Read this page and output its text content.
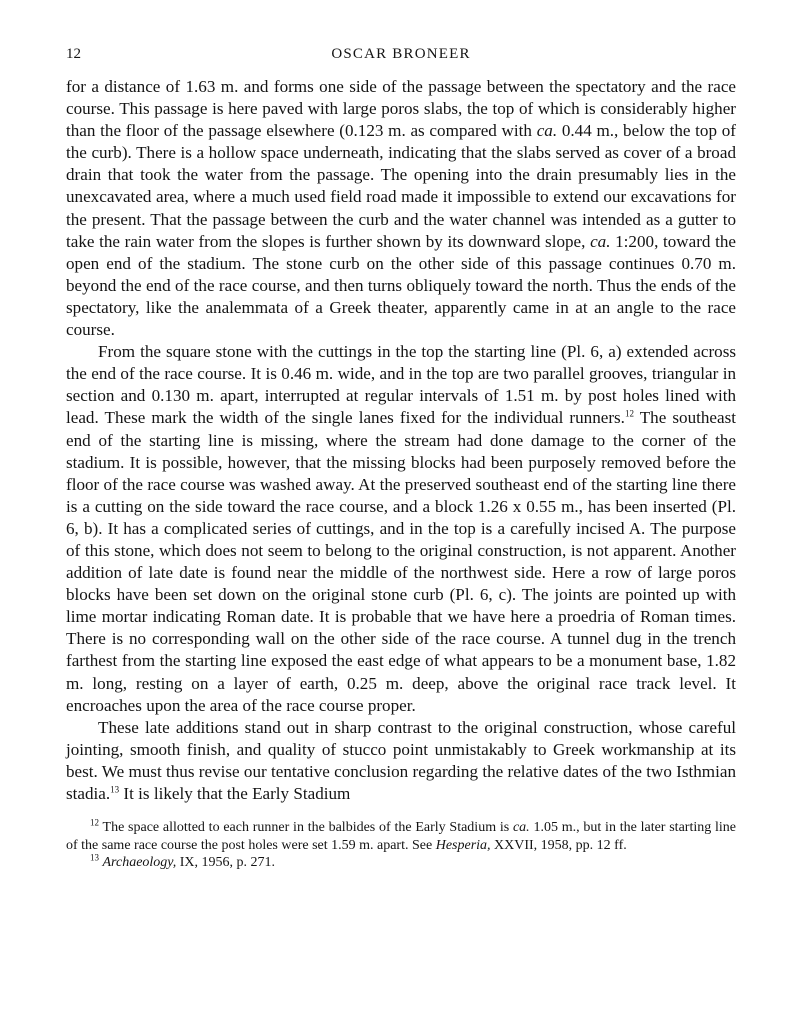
12	OSCAR BRONEER

for a distance of 1.63 m. and forms one side of the passage between the spectatory and the race course. This passage is here paved with large poros slabs, the top of which is considerably higher than the floor of the passage elsewhere (0.123 m. as compared with ca. 0.44 m., below the top of the curb). There is a hollow space underneath, indicating that the slabs served as cover of a broad drain that took the water from the passage. The opening into the drain presumably lies in the unexcavated area, where a much used field road made it impossible to extend our excavations for the present. That the passage between the curb and the water channel was intended as a gutter to take the rain water from the slopes is further shown by its downward slope, ca. 1:200, toward the open end of the stadium. The stone curb on the other side of this passage continues 0.70 m. beyond the end of the race course, and then turns obliquely toward the north. Thus the ends of the spectatory, like the analemmata of a Greek theater, apparently came in at an angle to the race course.

From the square stone with the cuttings in the top the starting line (Pl. 6, a) extended across the end of the race course. It is 0.46 m. wide, and in the top are two parallel grooves, triangular in section and 0.130 m. apart, interrupted at regular intervals of 1.51 m. by post holes lined with lead. These mark the width of the single lanes fixed for the individual runners.$^{12}$ The southeast end of the starting line is missing, where the stream had done damage to the corner of the stadium. It is possible, however, that the missing blocks had been purposely removed before the floor of the race course was washed away. At the preserved southeast end of the starting line there is a cutting on the side toward the race course, and a block 1.26 x 0.55 m., has been inserted (Pl. 6, b). It has a complicated series of cuttings, and in the top is a carefully incised A. The purpose of this stone, which does not seem to belong to the original construction, is not apparent. Another addition of late date is found near the middle of the northwest side. Here a row of large poros blocks have been set down on the original stone curb (Pl. 6, c). The joints are pointed up with lime mortar indicating Roman date. It is probable that we have here a proedria of Roman times. There is no corresponding wall on the other side of the race course. A tunnel dug in the trench farthest from the starting line exposed the east edge of what appears to be a monument base, 1.82 m. long, resting on a layer of earth, 0.25 m. deep, above the original race track level. It encroaches upon the area of the race course proper.

These late additions stand out in sharp contrast to the original construction, whose careful jointing, smooth finish, and quality of stucco point unmistakably to Greek workmanship at its best. We must thus revise our tentative conclusion regarding the relative dates of the two Isthmian stadia.$^{13}$ It is likely that the Early Stadium

$^{12}$ The space allotted to each runner in the balbides of the Early Stadium is ca. 1.05 m., but in the later starting line of the same race course the post holes were set 1.59 m. apart. See Hesperia, XXVII, 1958, pp. 12 ff.

$^{13}$ Archaeology, IX, 1956, p. 271.
